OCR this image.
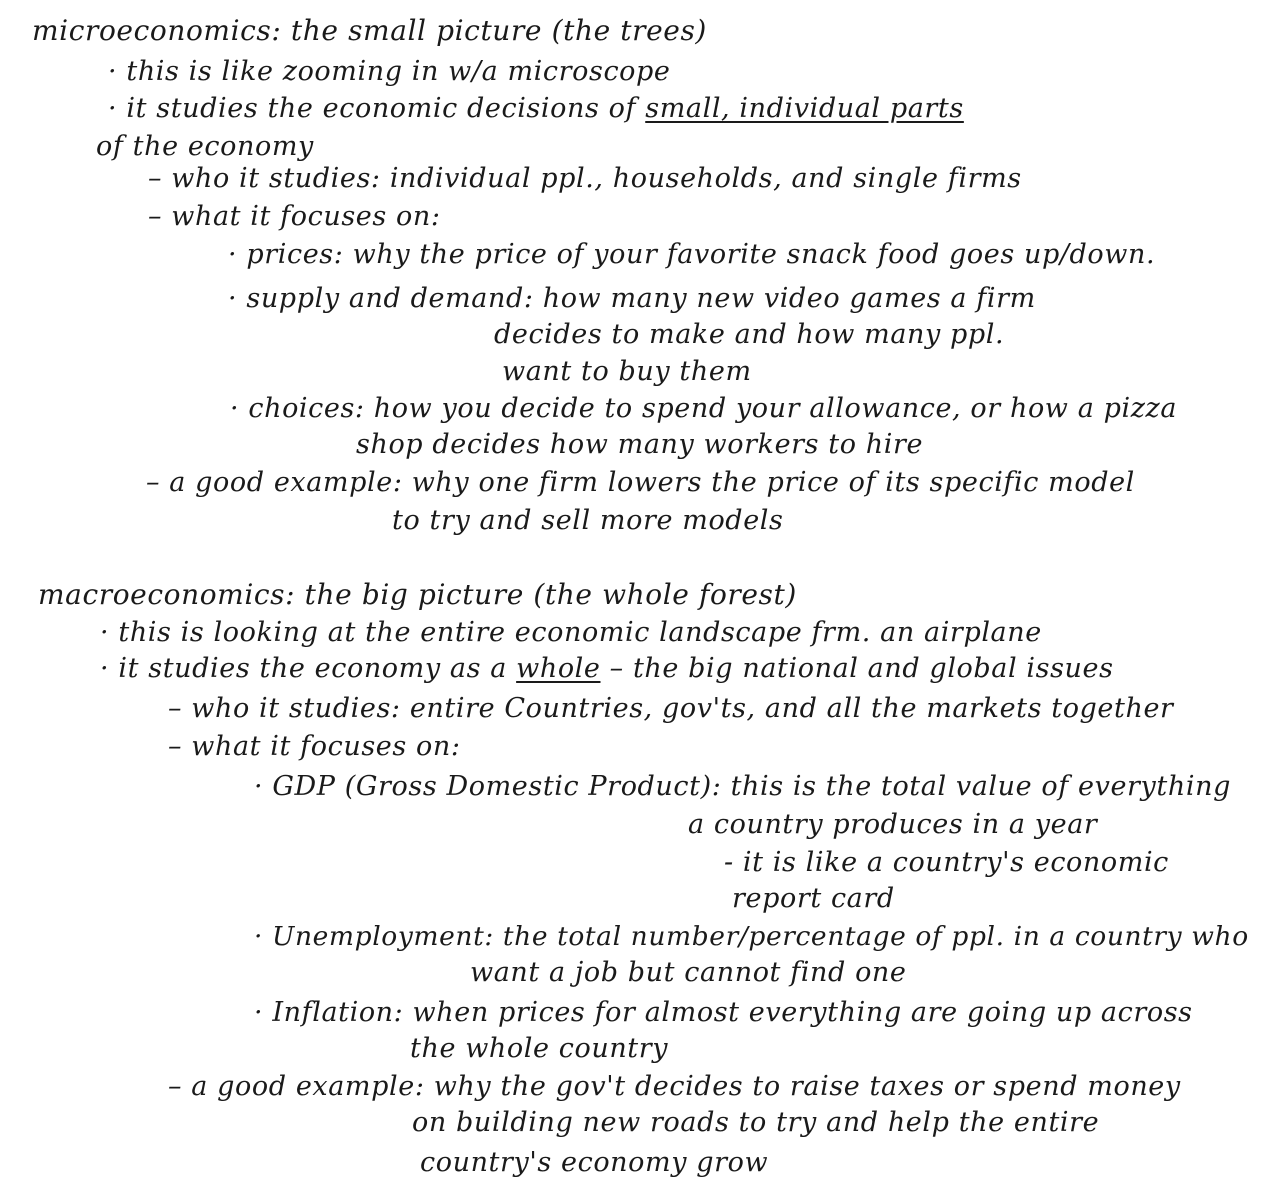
microeconomics: the small picture (the trees)
· this is like zooming in w/a microscope
· it studies the economic decisions of small, individual parts
of the economy
– who it studies: individual ppl., households, and single firms
– what it focuses on:
· prices: why the price of your favorite snack food goes up/down.
· supply and demand: how many new video games a firm
decides to make and how many ppl.
want to buy them
· choices: how you decide to spend your allowance, or how a pizza
shop decides how many workers to hire
– a good example: why one firm lowers the price of its specific model
to try and sell more models
macroeconomics: the big picture (the whole forest)
· this is looking at the entire economic landscape frm. an airplane
· it studies the economy as a whole – the big national and global issues
– who it studies: entire Countries, gov'ts, and all the markets together
– what it focuses on:
· GDP (Gross Domestic Product): this is the total value of everything
a country produces in a year
- it is like a country's economic
report card
· Unemployment: the total number/percentage of ppl. in a country who
want a job but cannot find one
· Inflation: when prices for almost everything are going up across
the whole country
– a good example: why the gov't decides to raise taxes or spend money
on building new roads to try and help the entire
country's economy grow
